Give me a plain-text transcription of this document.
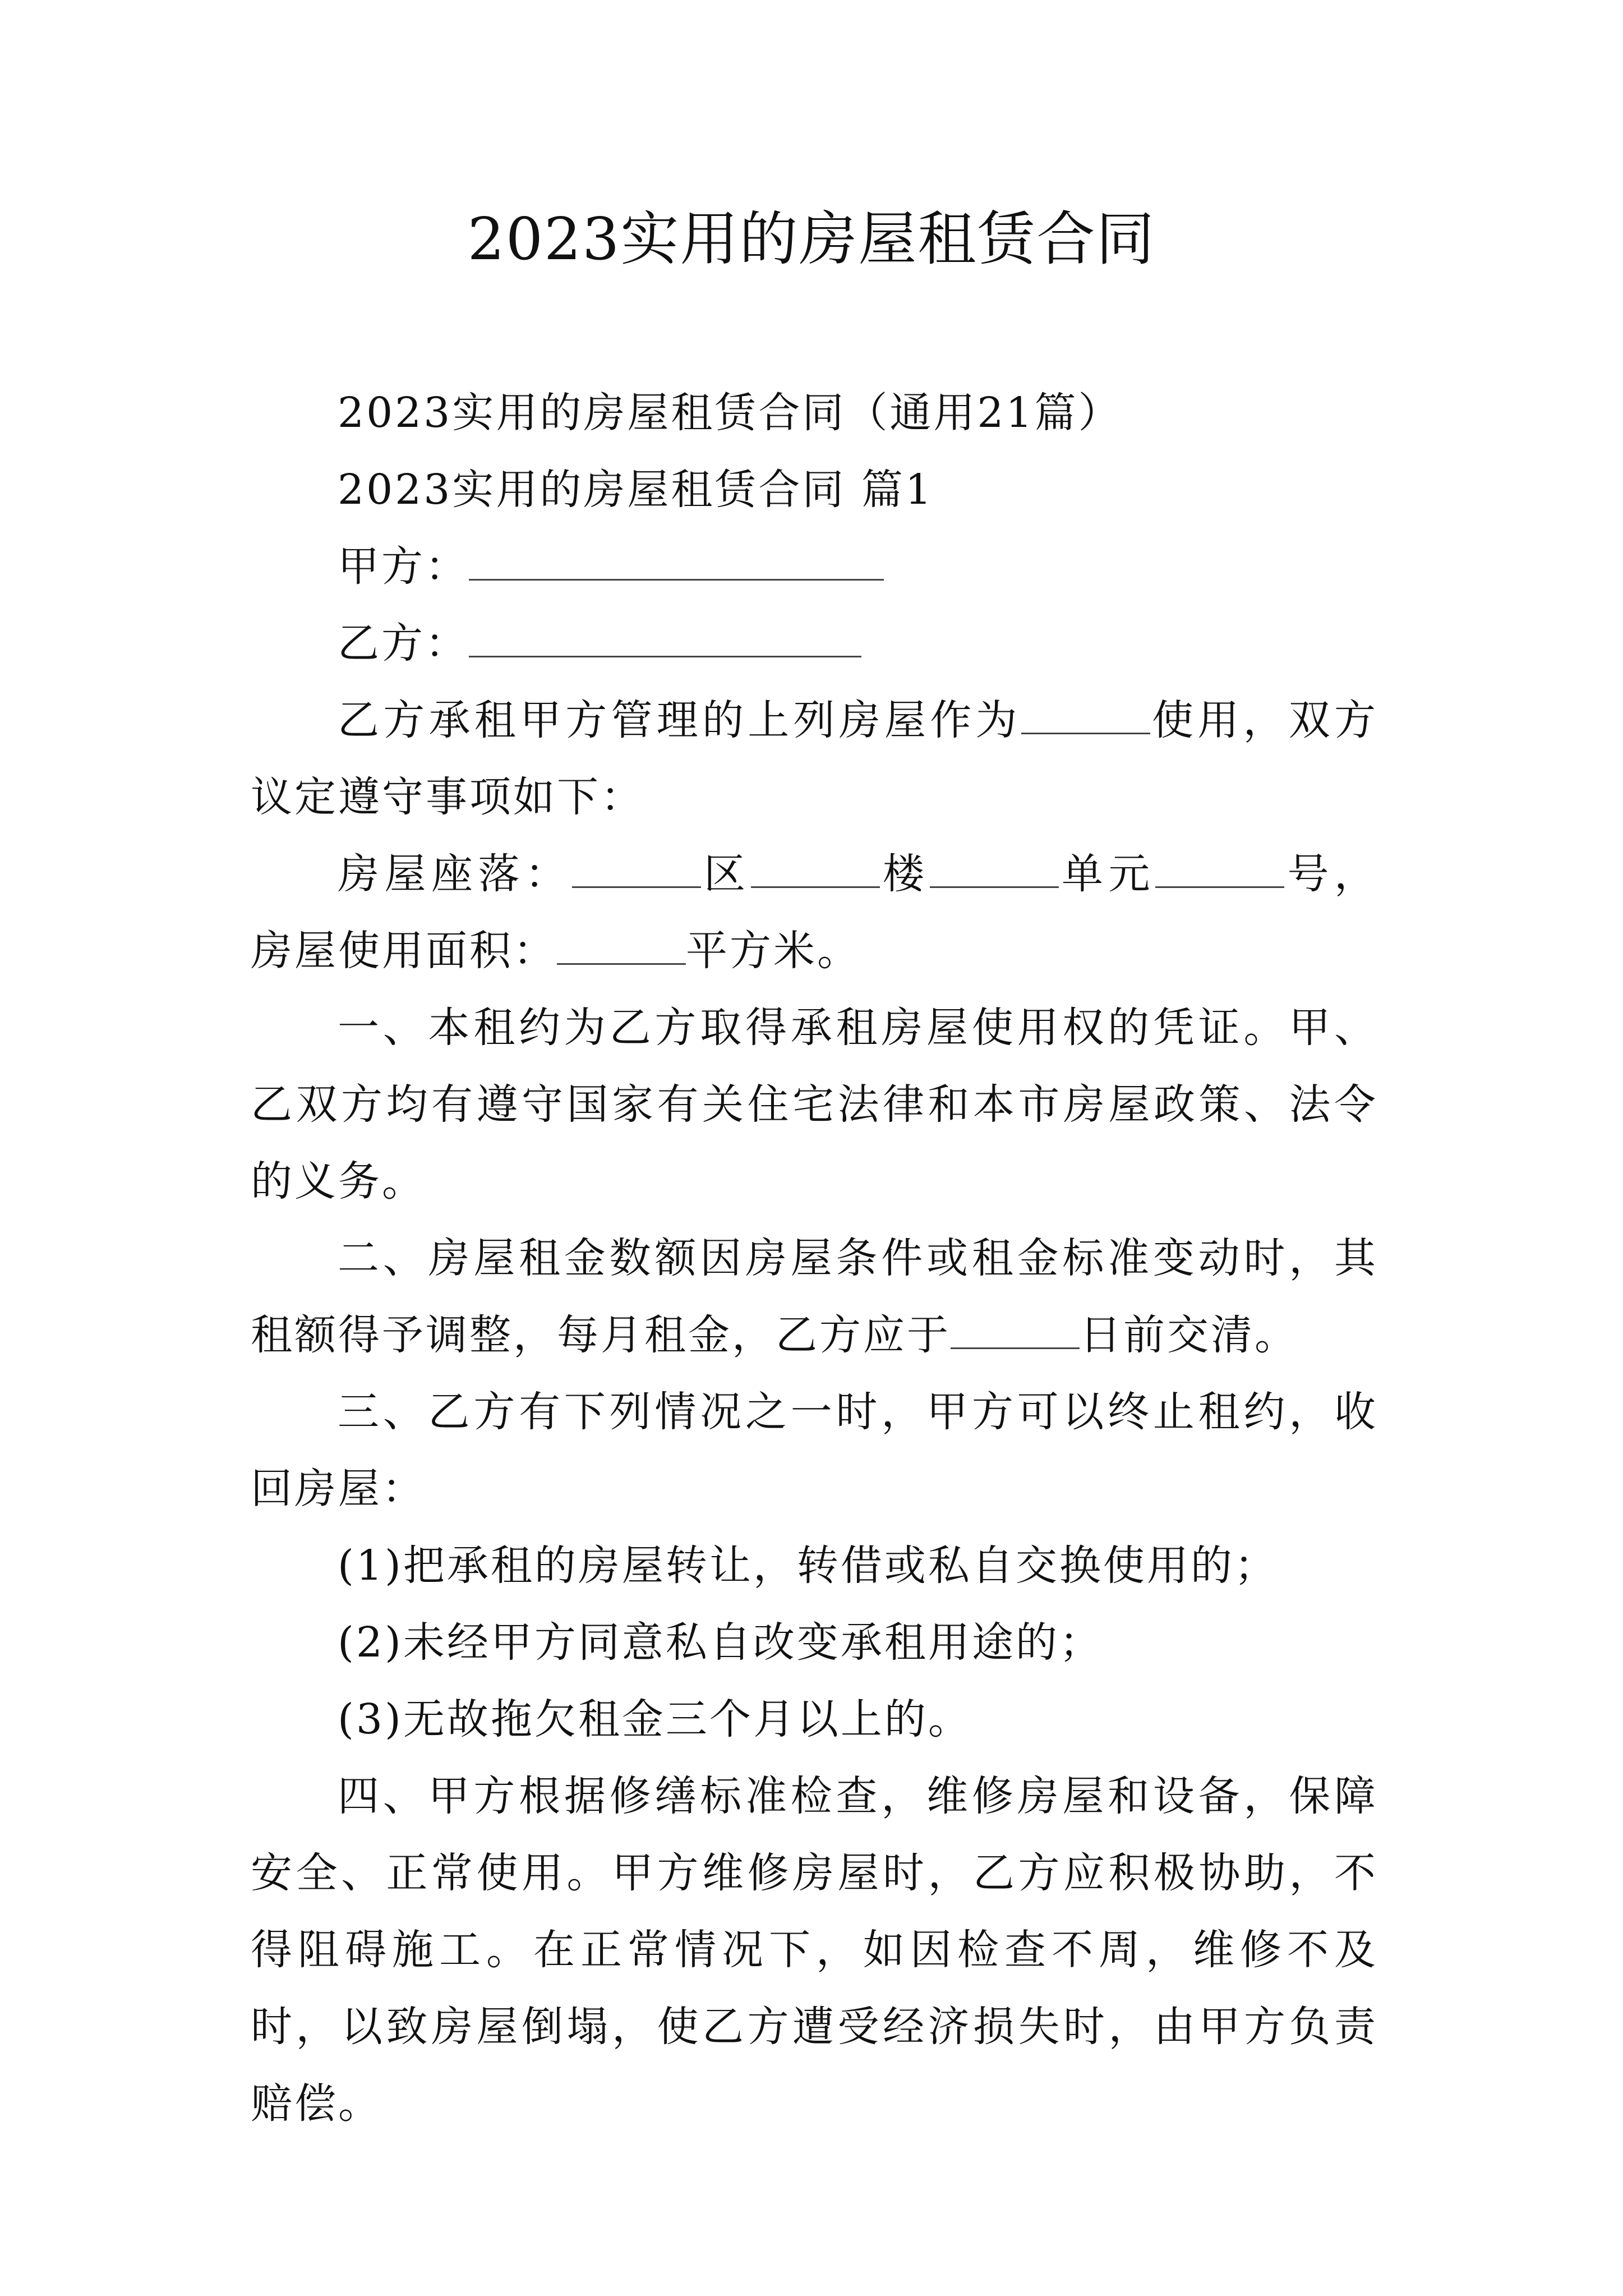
2023实用的房屋租赁合同
2023实用的房屋租赁合同（通用21篇）
2023实用的房屋租赁合同 篇1
甲方：
乙方：

乙方承租甲方管理的上列房屋作为	使用，双方议定遵守事项如下：

房屋座落：	区	楼	单元	号，房屋使用面积：	平方米。

一、本租约为乙方取得承租房屋使用权的凭证。甲、乙双方均有遵守国家有关住宅法律和本市房屋政策、法令的义务。

二、房屋租金数额因房屋条件或租金标准变动时，其租额得予调整，每月租金，乙方应于	日前交清。

三、乙方有下列情况之一时，甲方可以终止租约，收回房屋：

(1)把承租的房屋转让，转借或私自交换使用的；
(2)未经甲方同意私自改变承租用途的；
(3)无故拖欠租金三个月以上的。

四、甲方根据修缮标准检查，维修房屋和设备，保障安全、正常使用。甲方维修房屋时，乙方应积极协助，不得阻碍施工。在正常情况下，如因检查不周，维修不及时，以致房屋倒塌，使乙方遭受经济损失时，由甲方负责赔偿。
